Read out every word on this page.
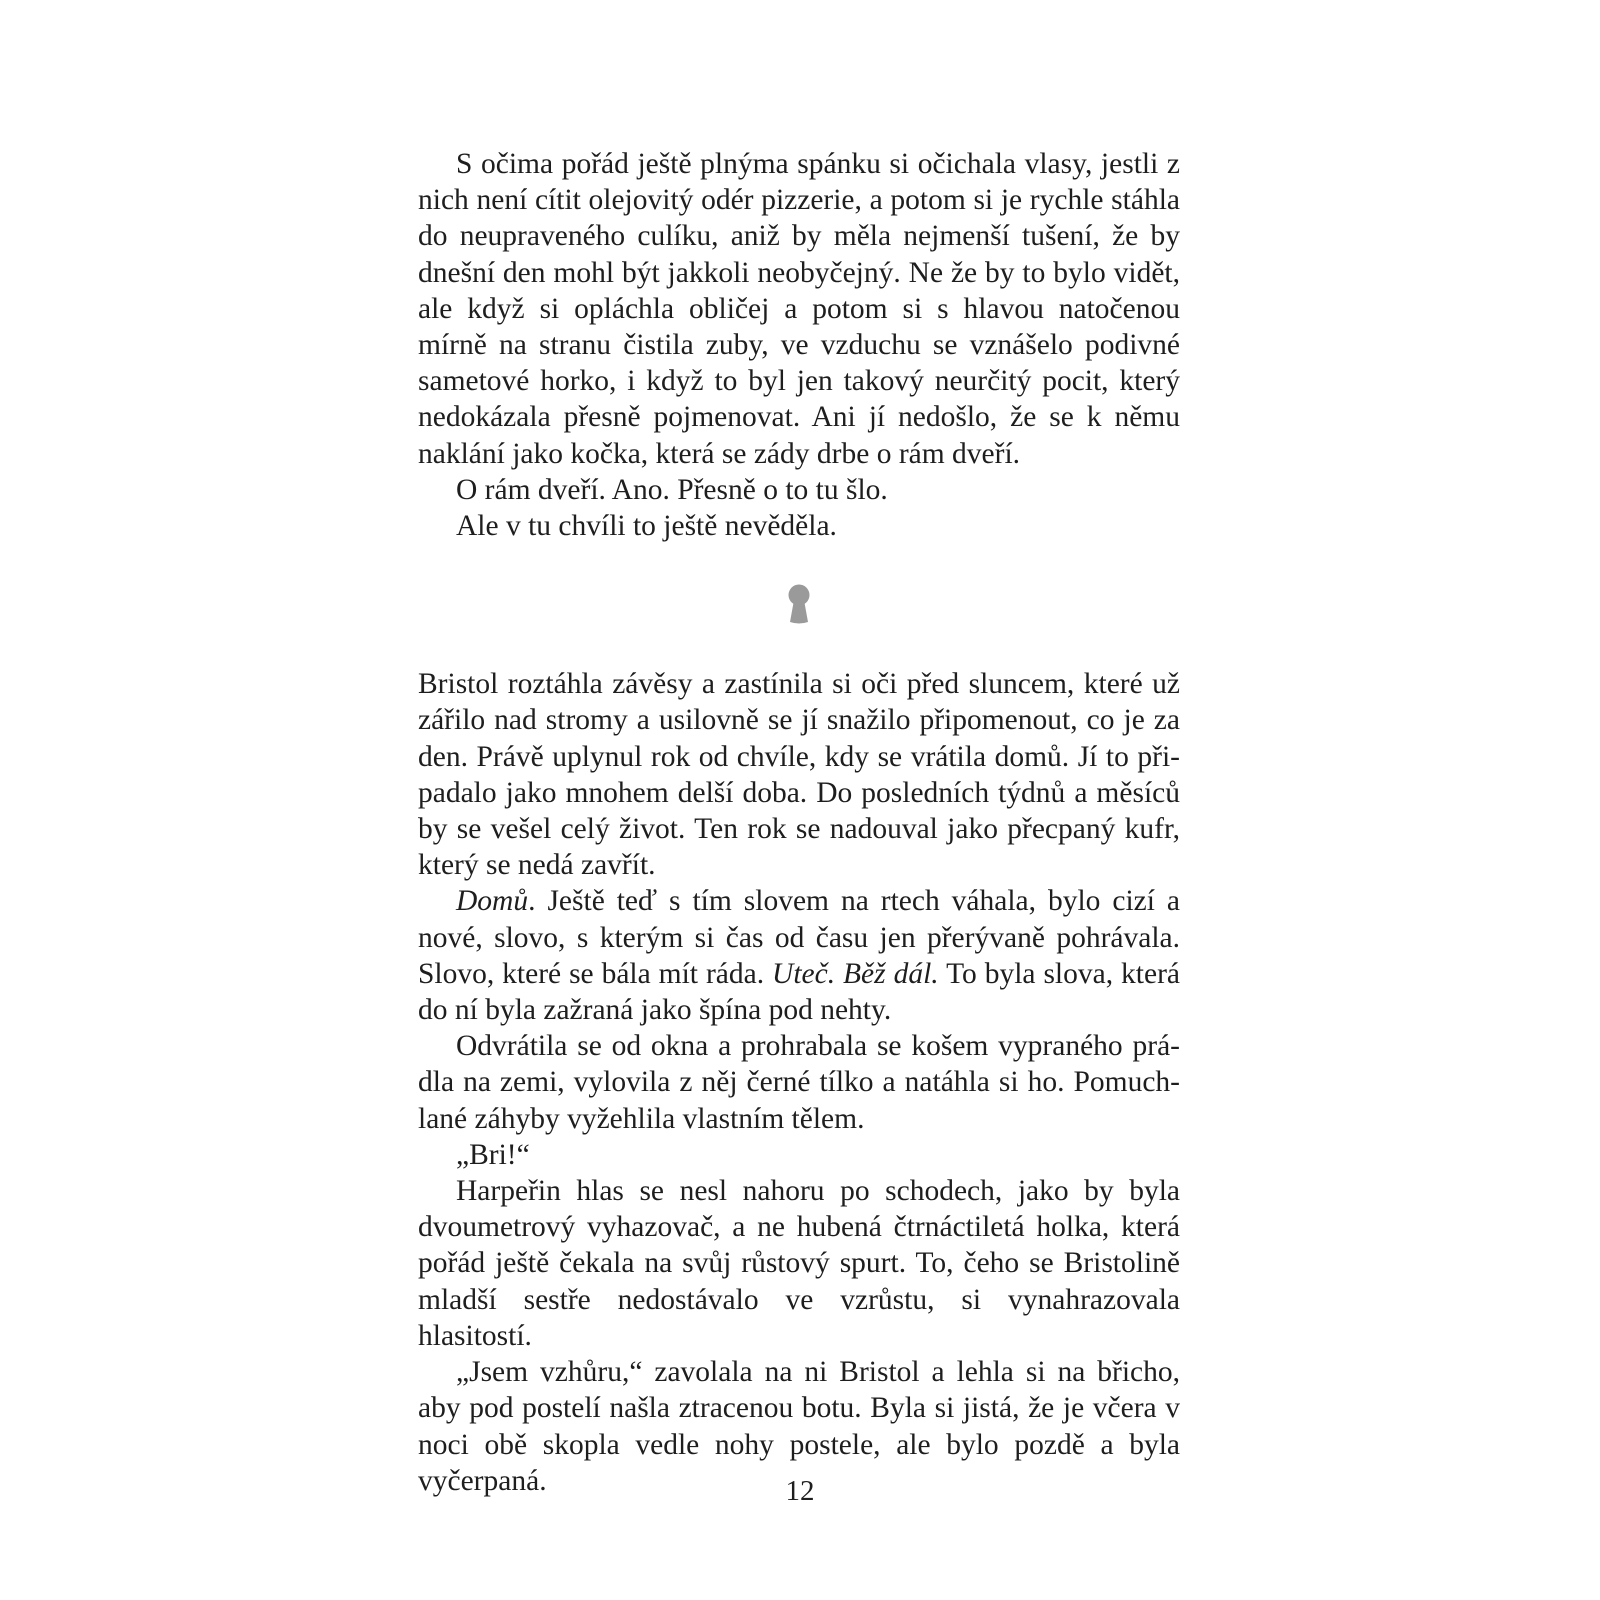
S očima pořád ještě plnýma spánku si očichala vlasy, jestli z nich není cítit olejovitý odér pizzerie, a potom si je rychle stáhla do neupraveného culíku, aniž by měla nejmenší tušení, že by dnešní den mohl být jakkoli neobyčejný. Ne že by to bylo vidět, ale když si opláchla obličej a potom si s hlavou natočenou mírně na stranu čistila zuby, ve vzduchu se vznášelo podivné sametové horko, i když to byl jen takový neurčitý pocit, který nedokázala přesně pojmenovat. Ani jí nedošlo, že se k němu naklání jako kočka, která se zády drbe o rám dveří.

O rám dveří. Ano. Přesně o to tu šlo.

Ale v tu chvíli to ještě nevěděla.

Bristol roztáhla závěsy a zastínila si oči před sluncem, které už zářilo nad stromy a usilovně se jí snažilo připomenout, co je za den. Právě uplynul rok od chvíle, kdy se vrátila domů. Jí to připadalo jako mnohem delší doba. Do posledních týdnů a měsíců by se vešel celý život. Ten rok se nadouval jako přecpaný kufr, který se nedá zavřít.

Domů. Ještě teď s tím slovem na rtech váhala, bylo cizí a nové, slovo, s kterým si čas od času jen přerývaně pohrávala. Slovo, které se bála mít ráda. Uteč. Běž dál. To byla slova, která do ní byla zažraná jako špína pod nehty.

Odvrátila se od okna a prohrabala se košem vypraného prádla na zemi, vylovila z něj černé tílko a natáhla si ho. Pomuchlané záhyby vyžehlila vlastním tělem.

„Bri!“

Harpeřin hlas se nesl nahoru po schodech, jako by byla dvoumetrový vyhazovač, a ne hubená čtrnáctiletá holka, která pořád ještě čekala na svůj růstový spurt. To, čeho se Bristolině mladší sestře nedostávalo ve vzrůstu, si vynahrazovala hlasitostí.

„Jsem vzhůru,“ zavolala na ni Bristol a lehla si na břicho, aby pod postelí našla ztracenou botu. Byla si jistá, že je včera v noci obě skopla vedle nohy postele, ale bylo pozdě a byla vyčerpaná.	12
